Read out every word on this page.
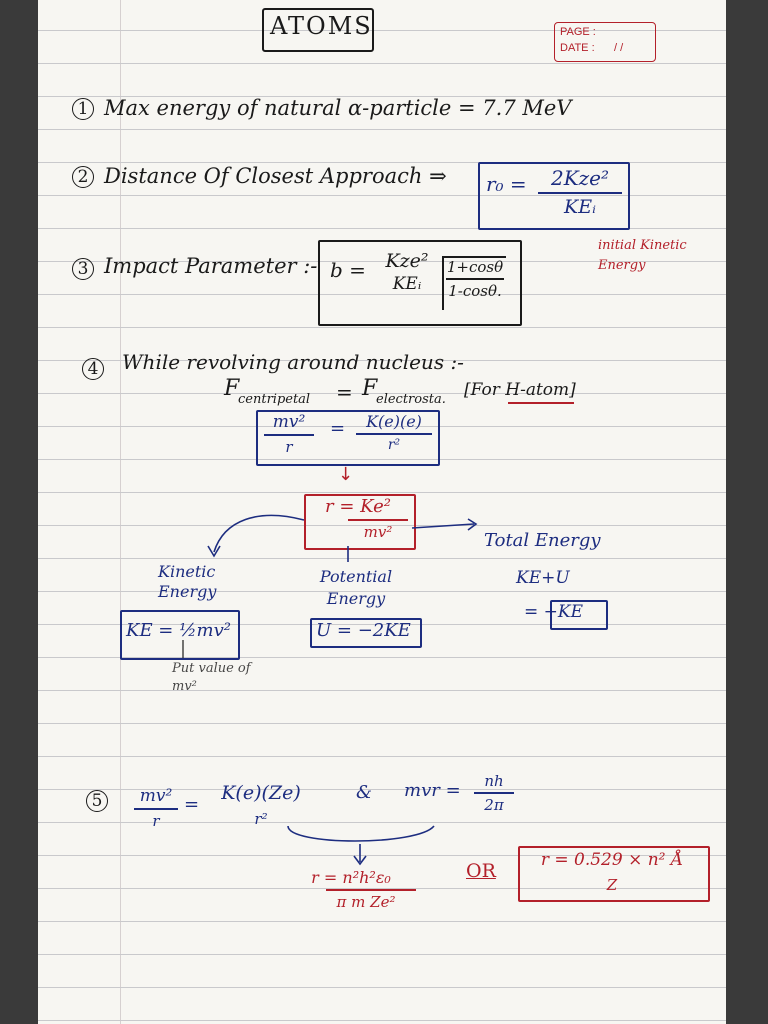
ATOMS	PAGE :
DATE : / /
1 Max energy of natural α-particle = 7.7 MeV
2 Distance Of Closest Approach ⇒ r₀ =	2Kze²
KEᵢ
initial Kinetic Energy
3 Impact Parameter :- b =	Kze²
KEᵢ
1+cosθ
1-cosθ.
4 While revolving around nucleus :-
F
centripetal = F
electrosta. [For H-atom]
mv²
r
=	K(e)(e)
r²
↓
r = Ke²
mv²	Total Energy
KE+U
= −KE
Kinetic Energy
KE = ½mv²
Potential Energy
U = −2KE
Put value of mv²
5	mv²
r
=
K(e)(Ze)
r²
& mvr =	nh
2π
r = n²h²ε₀
π m Ze²
OR	r = 0.529 × n² Å
Z
